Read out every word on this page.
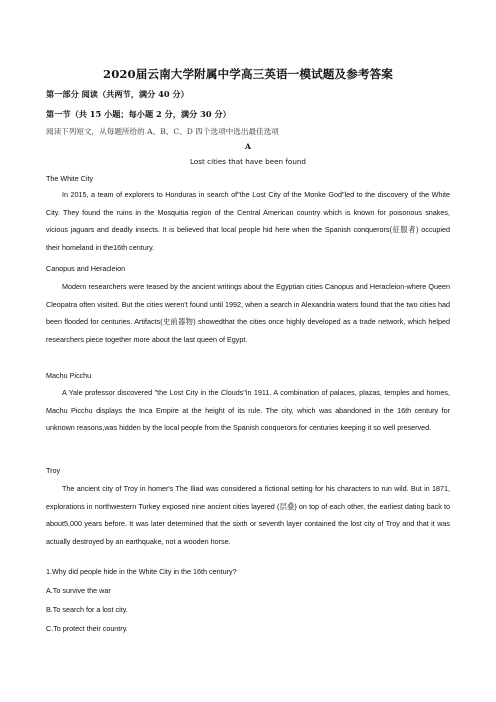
2020届云南大学附属中学高三英语一模试题及参考答案
第一部分 阅读（共两节，满分 40 分）
第一节（共 15 小题；每小题 2 分，满分 30 分）
阅读下列短文，从每题所给的 A、B、C、D 四个选项中选出最佳选项
A
Lost cities that have been found
The White City
In 2015, a team of explorers to Honduras in search of"the Lost City of the Monke God"led to the discovery of the White City. They found the ruins in the Mosquitia region of the Central American country which is known for poisonous snakes, vicious jaguars and deadly insects. It is believed that local people hid here when the Spanish conquerors(征服者) occupied their homeland in the16th century.
Canopus and Heracleion
Modern researchers were teased by the ancient writings about the Egyptian cities Canopus and Heracleion-where Queen Cleopatra often visited. But the cities weren't found until 1992, when a search in Alexandria waters found that the two cities had been flooded for centuries. Artifacts(史前器物) showedthat the cities once highly developed as a trade network, which helped researchers piece together more about the last queen of Egypt.
Machu Picchu
A Yale professor discovered "the Lost City in the Clouds"in 1911. A combination of palaces, plazas, temples and homes, Machu Picchu displays the Inca Empire at the height of its rule. The city, which was abandoned in the 16th century for unknown reasons,was hidden by the local people from the Spanish conquerors for centuries keeping it so well preserved.
Troy
The ancient city of Troy in homer's The Iliad was considered a fictional setting for his characters to run wild. But in 1871, explorations in northwestern Turkey exposed nine ancient cities layered (层叠) on top of each other, the earliest dating back to about5,000 years before. It was later determined that the sixth or seventh layer contained the lost city of Troy and that it was actually destroyed by an earthquake, not a wooden horse.
1.Why did people hide in the White City in the 16th century?
A.To survive the war
B.To search for a lost city.
C.To protect their country.
